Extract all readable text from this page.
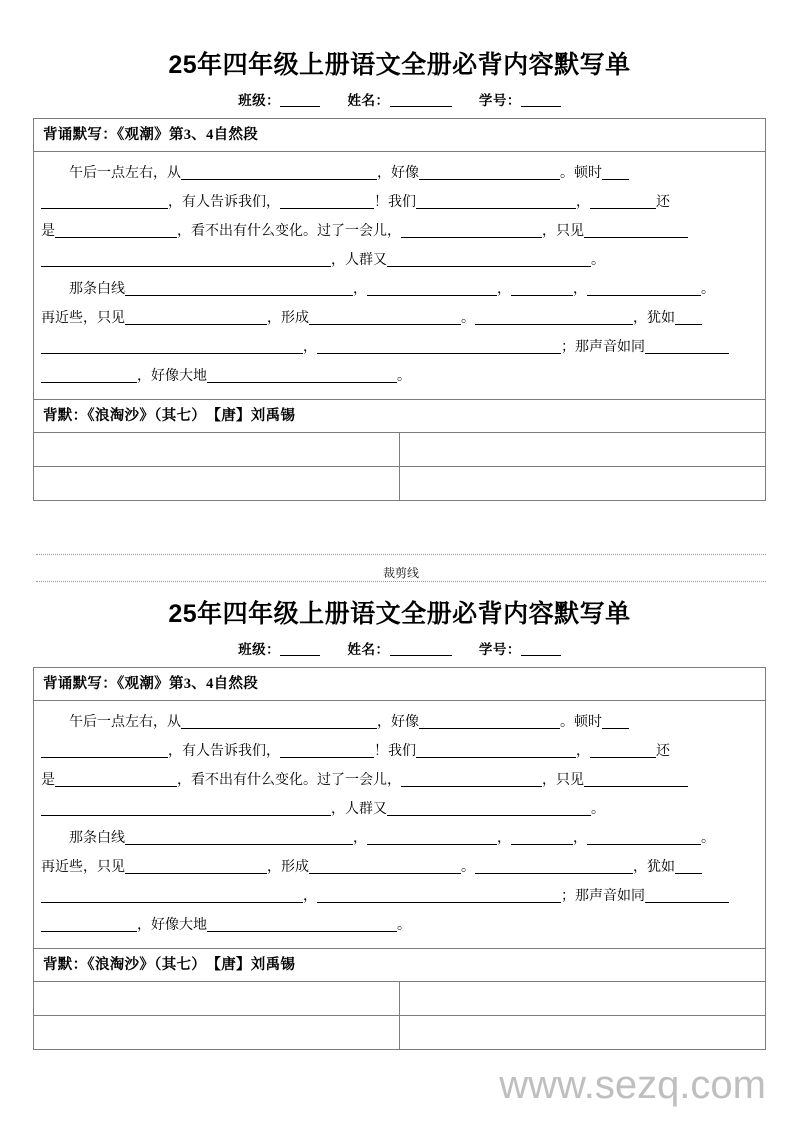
25年四年级上册语文全册必背内容默写单
班级：	姓名：	学号：
背诵默写：《观潮》第3、4自然段	

午后一点左右，从	，好像	。顿时
，有人告诉我们，	！我们	，	还
是	，看不出有什么变化。过了一会儿，	，只见
，人群又	。
那条白线	，	，	，	。
再近些，只见	，形成	。	，犹如
，	；那声音如同
，好像大地	。

背默：《浪淘沙》（其七）　【唐】刘禹锡	

裁剪线
25年四年级上册语文全册必背内容默写单
班级：	姓名：	学号：
背诵默写：《观潮》第3、4自然段	

午后一点左右，从	，好像	。顿时
，有人告诉我们，	！我们	，	还
是	，看不出有什么变化。过了一会儿，	，只见
，人群又	。
那条白线	，	，	，	。
再近些，只见	，形成	。	，犹如
，	；那声音如同
，好像大地	。

背默：《浪淘沙》（其七）　【唐】刘禹锡	

www.sezq.com
